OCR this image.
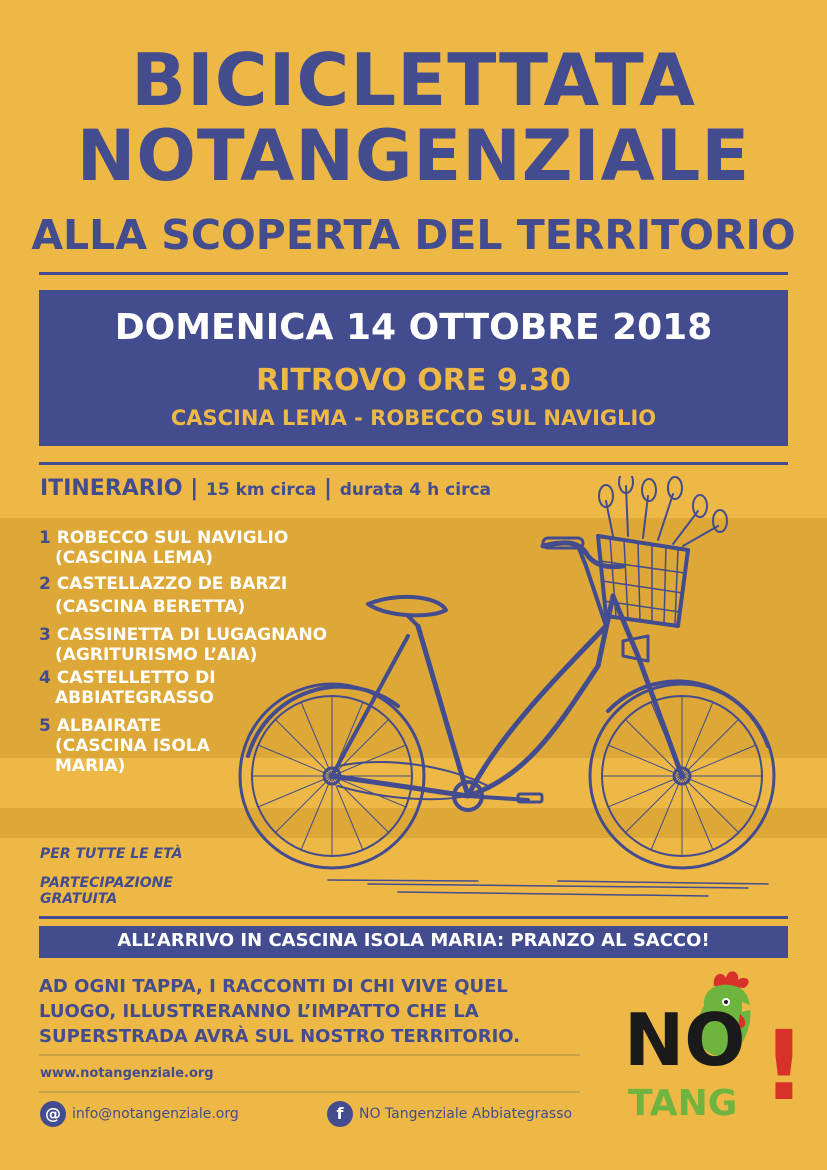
BICICLETTATA
NOTANGENZIALE
ALLA SCOPERTA DEL TERRITORIO
DOMENICA 14 OTTOBRE 2018
RITROVO ORE 9.30
CASCINA LEMA - ROBECCO SUL NAVIGLIO
ITINERARIO | 15 km circa | durata 4 h circa
1 ROBECCO SUL NAVIGLIO
(CASCINA LEMA)
2 CASTELLAZZO DE BARZI
(CASCINA BERETTA)
3 CASSINETTA DI LUGAGNANO
(AGRITURISMO L’AIA)
4 CASTELLETTO DI
ABBIATEGRASSO
5 ALBAIRATE
(CASCINA ISOLA
MARIA)
PER TUTTE LE ETÀ
PARTECIPAZIONE
GRATUITA
ALL’ARRIVO IN CASCINA ISOLA MARIA: PRANZO AL SACCO!
AD OGNI TAPPA, I RACCONTI DI CHI VIVE QUEL
LUOGO, ILLUSTRERANNO L’IMPATTO CHE LA
SUPERSTRADA AVRÀ SUL NOSTRO TERRITORIO.
www.notangenziale.org
@ info@notangenziale.org	f NO Tangenziale Abbiategrasso
NO
TANG !
